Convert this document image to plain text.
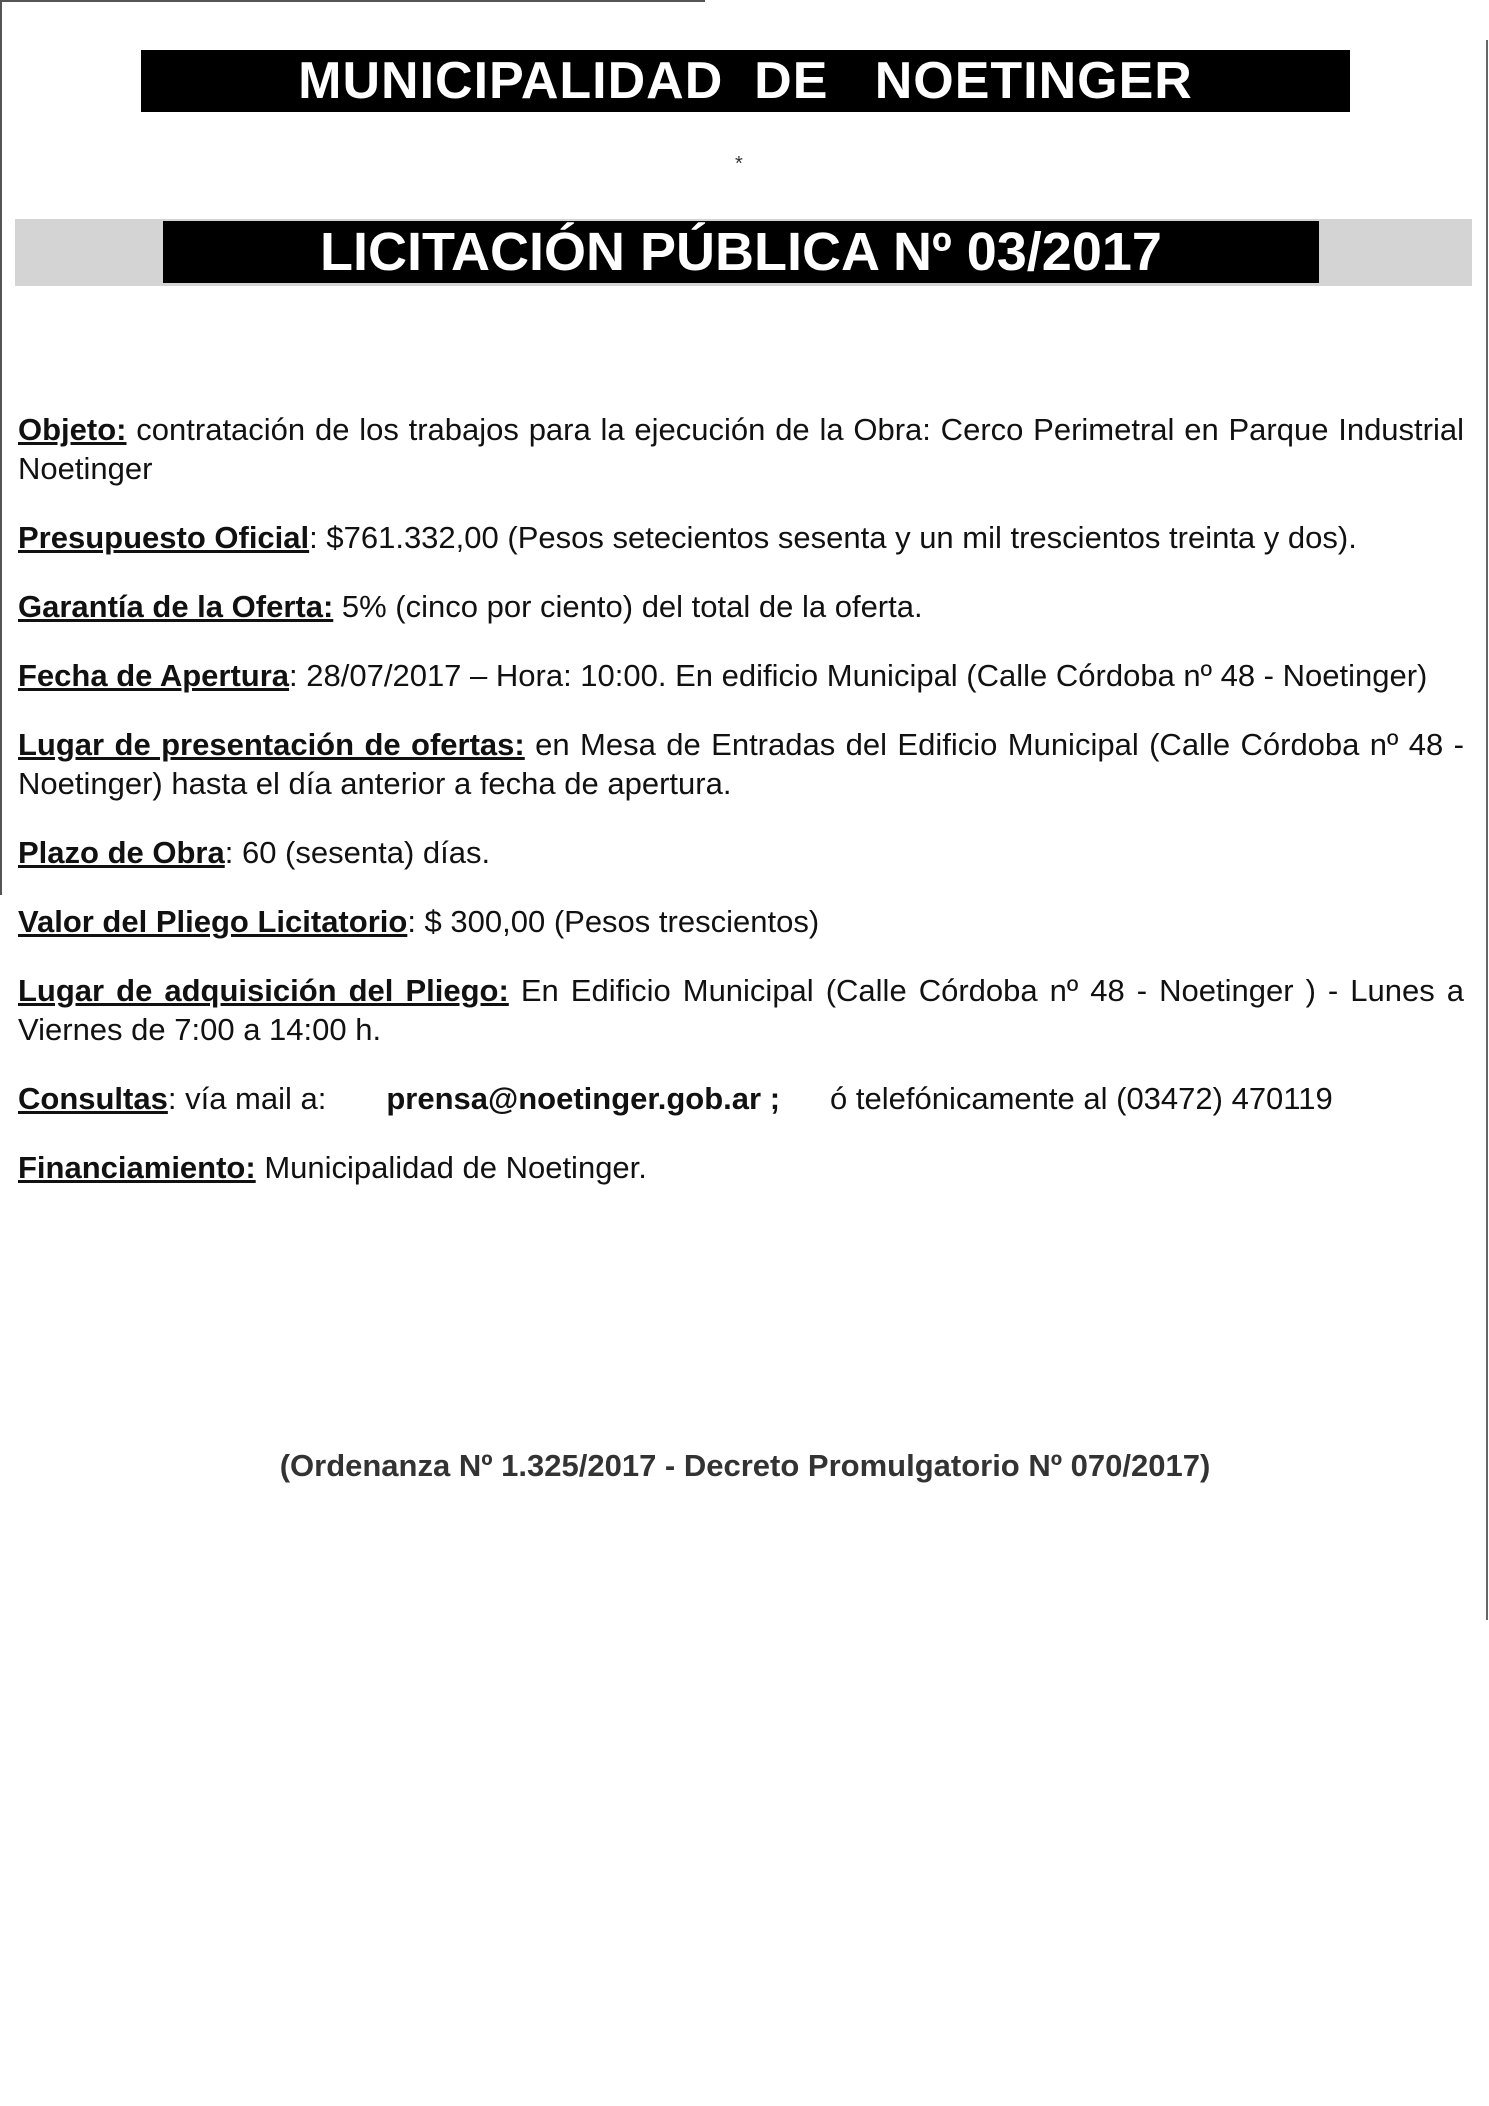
MUNICIPALIDAD  DE   NOETINGER
*
LICITACIÓN PÚBLICA Nº 03/2017

Objeto: contratación de los trabajos para la ejecución de la Obra: Cerco Perimetral en Parque Industrial Noetinger

Presupuesto Oficial: $761.332,00 (Pesos setecientos sesenta y un mil trescientos treinta y dos).

Garantía de la Oferta: 5% (cinco por ciento) del total de la oferta.

Fecha de Apertura: 28/07/2017 – Hora: 10:00. En edificio Municipal (Calle Córdoba nº 48 - Noetinger)

Lugar de presentación de ofertas: en Mesa de Entradas del Edificio Municipal (Calle Córdoba nº 48 - Noetinger) hasta el día anterior a fecha de apertura.

Plazo de Obra: 60 (sesenta) días.

Valor del Pliego Licitatorio: $ 300,00 (Pesos trescientos)

Lugar de adquisición del Pliego: En Edificio Municipal (Calle Córdoba nº 48 - Noetinger ) - Lunes a Viernes de 7:00 a 14:00 h.

Consultas: vía mail a: prensa@noetinger.gob.ar ; ó telefónicamente al (03472) 470119

Financiamiento: Municipalidad de Noetinger.

(Ordenanza Nº 1.325/2017 - Decreto Promulgatorio Nº 070/2017)
